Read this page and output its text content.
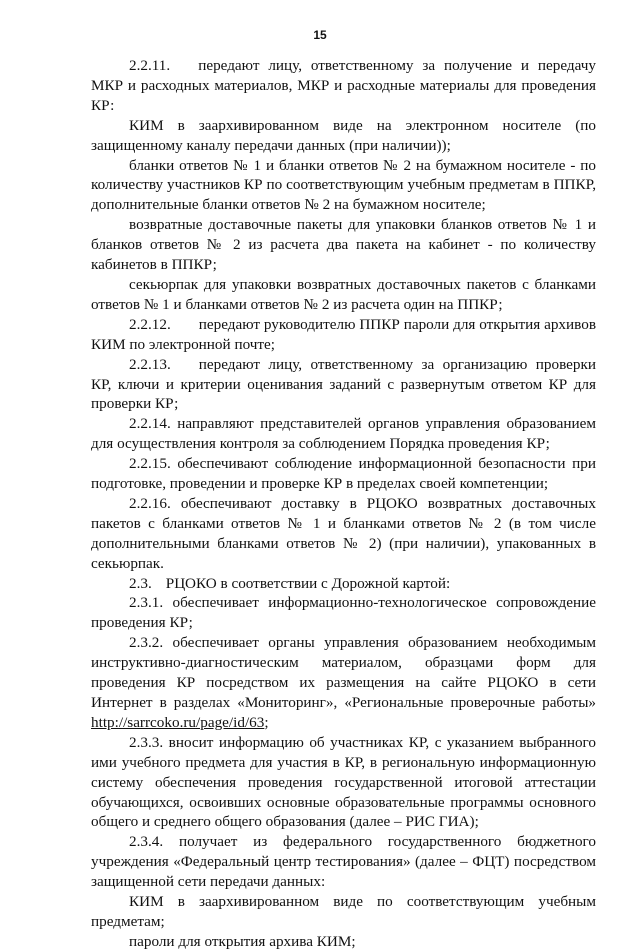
15

2.2.11. передают лицу, ответственному за получение и передачу МКР и расходных материалов, МКР и расходные материалы для проведения КР:

КИМ в заархивированном виде на электронном носителе (по защищенному каналу передачи данных (при наличии));

бланки ответов № 1 и бланки ответов № 2 на бумажном носителе - по количеству участников КР по соответствующим учебным предметам в ППКР, дополнительные бланки ответов № 2 на бумажном носителе;

возвратные доставочные пакеты для упаковки бланков ответов № 1 и бланков ответов № 2 из расчета два пакета на кабинет - по количеству кабинетов в ППКР;

секьюрпак для упаковки возвратных доставочных пакетов с бланками ответов № 1 и бланками ответов № 2 из расчета один на ППКР;

2.2.12. передают руководителю ППКР пароли для открытия архивов КИМ по электронной почте;

2.2.13. передают лицу, ответственному за организацию проверки КР, ключи и критерии оценивания заданий с развернутым ответом КР для проверки КР;

2.2.14. направляют представителей органов управления образованием для осуществления контроля за соблюдением Порядка проведения КР;

2.2.15. обеспечивают соблюдение информационной безопасности при подготовке, проведении и проверке КР в пределах своей компетенции;

2.2.16. обеспечивают доставку в РЦОКО возвратных доставочных пакетов с бланками ответов № 1 и бланками ответов № 2 (в том числе дополнительными бланками ответов № 2) (при наличии), упакованных в секьюрпак.

2.3. РЦОКО в соответствии с Дорожной картой:

2.3.1. обеспечивает информационно-технологическое сопровождение проведения КР;

2.3.2. обеспечивает органы управления образованием необходимым инструктивно-диагностическим материалом, образцами форм для проведения КР посредством их размещения на сайте РЦОКО в сети Интернет в разделах «Мониторинг», «Региональные проверочные работы» http://sarrcoko.ru/page/id/63;

2.3.3. вносит информацию об участниках КР, с указанием выбранного ими учебного предмета для участия в КР, в региональную информационную систему обеспечения проведения государственной итоговой аттестации обучающихся, освоивших основные образовательные программы основного общего и среднего общего образования (далее – РИС ГИА);

2.3.4. получает из федерального государственного бюджетного учреждения «Федеральный центр тестирования» (далее – ФЦТ) посредством защищенной сети передачи данных:

КИМ в заархивированном виде по соответствующим учебным предметам;

пароли для открытия архива КИМ;
